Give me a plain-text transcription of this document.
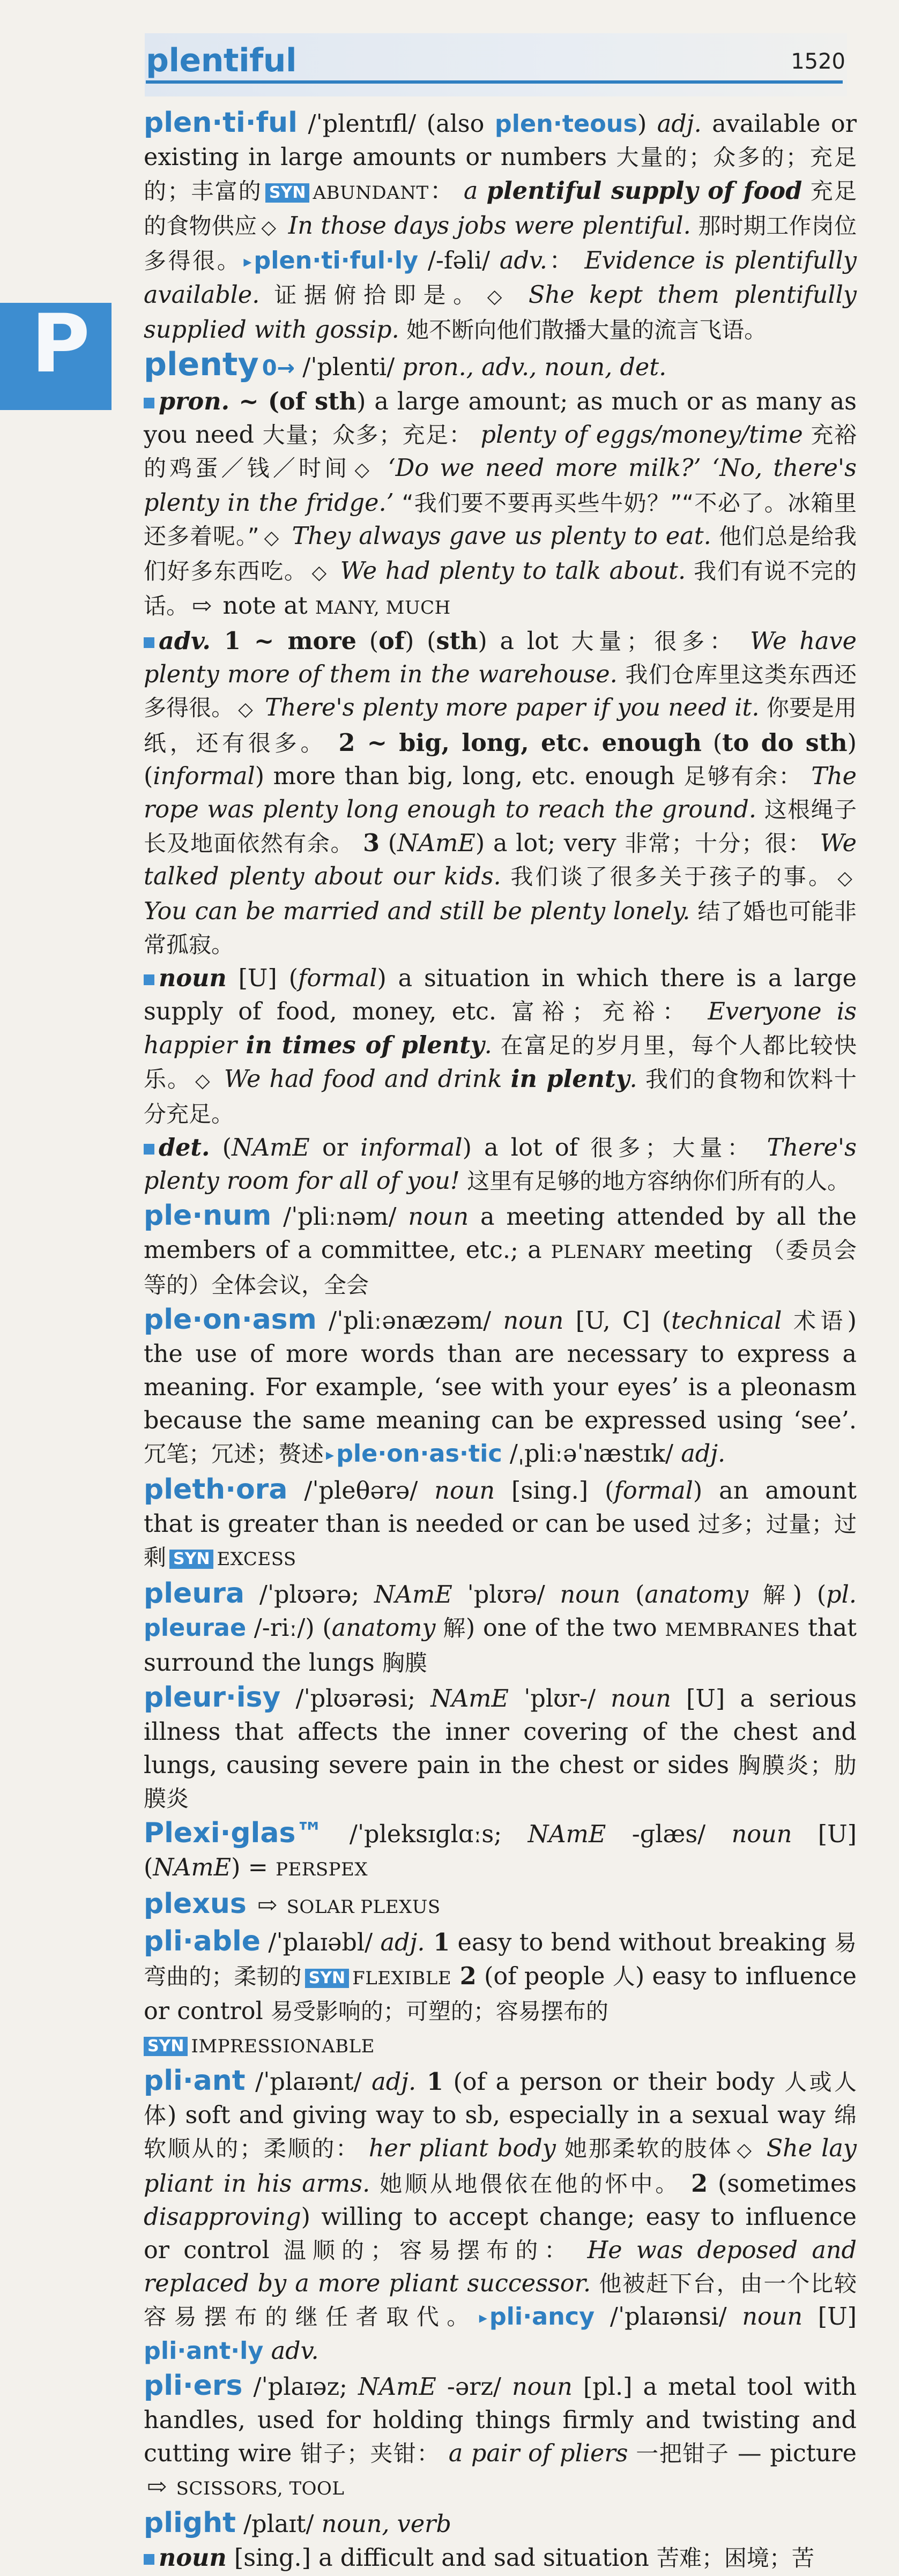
plentiful	1520
P

plen·ti·ful /ˈplentɪfl/ (also plen·teous) adj. available or existing in large amounts or numbers 大量的；众多的；充足的；丰富的 SYN ABUNDANT： a plentiful supply of food 充足的食物供应 ◇ In those days jobs were plentiful. 那时期工作岗位多得很。 ▸plen·ti·ful·ly /-fəli/ adv.： Evidence is plentifully available. 证据俯拾即是。 ◇ She kept them plentifully supplied with gossip. 她不断向他们散播大量的流言飞语。

plenty 0→ /ˈplenti/ pron., adv., noun, det.
pron. ~ (of sth) a large amount; as much or as many as you need 大量；众多；充足： plenty of eggs/money/time 充裕的鸡蛋／钱／时间 ◇ ‘Do we need more milk?’ ‘No, there's plenty in the fridge.’ “我们要不要再买些牛奶？”“不必了。冰箱里还多着呢。” ◇ They always gave us plenty to eat. 他们总是给我们好多东西吃。 ◇ We had plenty to talk about. 我们有说不完的话。 ⇨ note at MANY, MUCH
adv. 1 ~ more (of) (sth) a lot 大量；很多： We have plenty more of them in the warehouse. 我们仓库里这类东西还多得很。 ◇ There's plenty more paper if you need it. 你要是用纸，还有很多。 2 ~ big, long, etc. enough (to do sth) (informal) more than big, long, etc. enough 足够有余： The rope was plenty long enough to reach the ground. 这根绳子长及地面依然有余。 3 (NAmE) a lot; very 非常；十分；很： We talked plenty about our kids. 我们谈了很多关于孩子的事。 ◇ You can be married and still be plenty lonely. 结了婚也可能非常孤寂。
noun [U] (formal) a situation in which there is a large supply of food, money, etc. 富裕；充裕： Everyone is happier in times of plenty. 在富足的岁月里，每个人都比较快乐。 ◇ We had food and drink in plenty. 我们的食物和饮料十分充足。
det. (NAmE or informal) a lot of 很多；大量： There's plenty room for all of you! 这里有足够的地方容纳你们所有的人。

ple·num /ˈpliːnəm/ noun a meeting attended by all the members of a committee, etc.; a PLENARY meeting （委员会等的）全体会议，全会

ple·on·asm /ˈpliːənæzəm/ noun [U, C] (technical 术语) the use of more words than are necessary to express a meaning. For example, ‘see with your eyes’ is a pleonasm because the same meaning can be expressed using ‘see’. 冗笔；冗述；赘述 ▸ple·on·as·tic /ˌpliːəˈnæstɪk/ adj.

pleth·ora /ˈpleθərə/ noun [sing.] (formal) an amount that is greater than is needed or can be used 过多；过量；过剩 SYN EXCESS

pleura /ˈplʊərə; NAmE ˈplʊrə/ noun (anatomy 解) (pl. pleurae /-riː/) (anatomy 解) one of the two MEMBRANES that surround the lungs 胸膜

pleur·isy /ˈplʊərəsi; NAmE ˈplʊr-/ noun [U] a serious illness that affects the inner covering of the chest and lungs, causing severe pain in the chest or sides 胸膜炎；肋膜炎

Plexi·glas™ /ˈpleksɪɡlɑːs; NAmE -ɡlæs/ noun [U] (NAmE) = PERSPEX

plexus ⇨ SOLAR PLEXUS

pli·able /ˈplaɪəbl/ adj. 1 easy to bend without breaking 易弯曲的；柔韧的 SYN FLEXIBLE 2 (of people 人) easy to influence or control 易受影响的；可塑的；容易摆布的
SYN IMPRESSIONABLE

pli·ant /ˈplaɪənt/ adj. 1 (of a person or their body 人或人体) soft and giving way to sb, especially in a sexual way 绵软顺从的；柔顺的： her pliant body 她那柔软的肢体 ◇ She lay pliant in his arms. 她顺从地偎依在他的怀中。 2 (sometimes disapproving) willing to accept change; easy to influence or control 温顺的；容易摆布的： He was deposed and replaced by a more pliant successor. 他被赶下台，由一个比较容易摆布的继任者取代。 ▸pli·ancy /ˈplaɪənsi/ noun [U] pli·ant·ly adv.

pli·ers /ˈplaɪəz; NAmE -ərz/ noun [pl.] a metal tool with handles, used for holding things firmly and twisting and cutting wire 钳子；夹钳： a pair of pliers 一把钳子 — picture ⇨ SCISSORS, TOOL

plight /plaɪt/ noun, verb
noun [sing.] a difficult and sad situation 苦难；困境；苦
